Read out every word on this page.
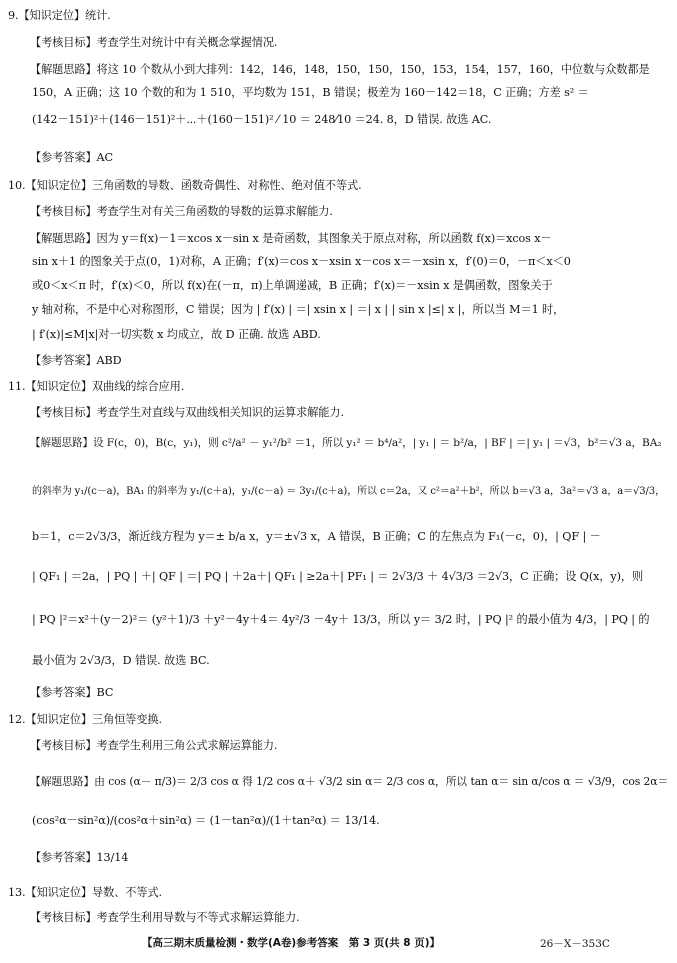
9.【知识定位】统计.
【考核目标】考查学生对统计中有关概念掌握情况.
【解题思路】将这 10 个数从小到大排列：142，146，148，150，150，150，153，154，157，160，中位数与众数都是
150，A 正确；这 10 个数的和为 1 510，平均数为 151，B 错误；极差为 160－142＝18，C 正确；方差 s² ＝
(142－151)²＋(146－151)²＋⋯＋(160－151)² ⁄ 10 ＝ 248⁄10 ＝24. 8，D 错误. 故选 AC.
【参考答案】AC
10.【知识定位】三角函数的导数、函数奇偶性、对称性、绝对值不等式.
【考核目标】考查学生对有关三角函数的导数的运算求解能力.
【解题思路】因为 y＝f(x)－1＝xcos x－sin x 是奇函数，其图象关于原点对称，所以函数 f(x)＝xcos x－
sin x＋1 的图象关于点(0，1)对称，A 正确；f′(x)＝cos x－xsin x－cos x＝－xsin x，f′(0)＝0，－π＜x＜0
或0＜x＜π 时，f′(x)＜0，所以 f(x)在(－π，π)上单调递减，B 正确；f′(x)＝－xsin x 是偶函数，图象关于
y 轴对称，不是中心对称图形，C 错误；因为 | f′(x) | ＝| xsin x | ＝| x | | sin x |≤| x |，所以当 M＝1 时，
| f′(x)|≤M|x|对一切实数 x 均成立，故 D 正确. 故选 ABD.
【参考答案】ABD
11.【知识定位】双曲线的综合应用.
【考核目标】考查学生对直线与双曲线相关知识的运算求解能力.
【解题思路】设 F(c，0)，B(c，y₁)，则 c²/a² － y₁²/b² ＝1，所以 y₁² ＝ b⁴/a²，| y₁ | ＝ b²/a，| BF | ＝| y₁ | ＝√3，b²＝√3 a，BA₂
的斜率为 y₁/(c－a)，BA₁ 的斜率为 y₁/(c＋a)，y₁/(c－a) ＝ 3y₁/(c＋a)，所以 c＝2a，又 c²＝a²＋b²，所以 b＝√3 a，3a²＝√3 a，a＝√3/3，
b＝1，c＝2√3/3，渐近线方程为 y＝± b/a x，y＝±√3 x，A 错误，B 正确；C 的左焦点为 F₁(－c，0)，| QF | －
| QF₁ | ＝2a，| PQ | ＋| QF | ＝| PQ | ＋2a＋| QF₁ | ≥2a＋| PF₁ | ＝ 2√3/3 ＋ 4√3/3 ＝2√3，C 正确；设 Q(x，y)，则
| PQ |²＝x²＋(y－2)²＝ (y²＋1)/3 ＋y²－4y＋4＝ 4y²/3 －4y＋ 13/3，所以 y＝ 3/2 时，| PQ |² 的最小值为 4/3，| PQ | 的
最小值为 2√3/3，D 错误. 故选 BC.
【参考答案】BC
12.【知识定位】三角恒等变换.
【考核目标】考查学生利用三角公式求解运算能力.
【解题思路】由 cos (α－ π/3)＝ 2/3 cos α 得 1/2 cos α＋ √3/2 sin α＝ 2/3 cos α，所以 tan α＝ sin α/cos α ＝ √3/9，cos 2α＝
(cos²α－sin²α)/(cos²α＋sin²α) ＝ (1－tan²α)/(1＋tan²α) ＝ 13/14.
【参考答案】13/14
13.【知识定位】导数、不等式.
【考核目标】考查学生利用导数与不等式求解运算能力.
【高三期末质量检测・数学(A卷)参考答案　第 3 页(共 8 页)】	26－X－353C
